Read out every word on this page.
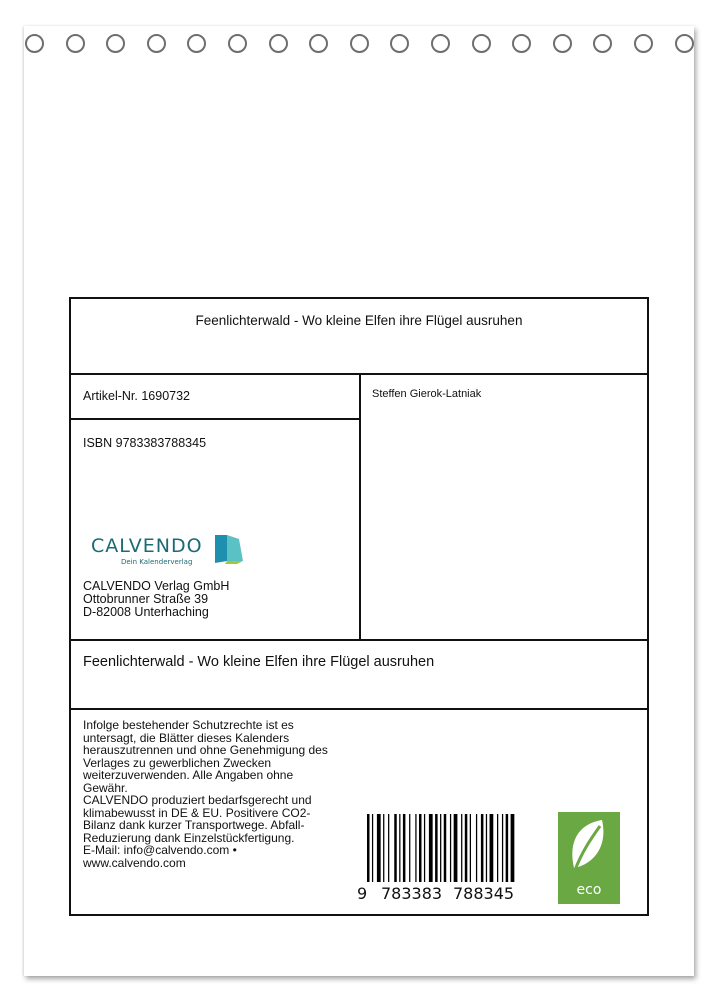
Feenlichterwald - Wo kleine Elfen ihre Flügel ausruhen
Artikel-Nr. 1690732
ISBN 9783383788345
CALVENDO
Dein Kalenderverlag
CALVENDO Verlag GmbH
Ottobrunner Straße 39
D-82008 Unterhaching
Steffen Gierok-Latniak
Feenlichterwald - Wo kleine Elfen ihre Flügel ausruhen
Infolge bestehender Schutzrechte ist es
untersagt, die Blätter dieses Kalenders
herauszutrennen und ohne Genehmigung des
Verlages zu gewerblichen Zwecken
weiterzuverwenden. Alle Angaben ohne
Gewähr.
CALVENDO produziert bedarfsgerecht und
klimabewusst in DE & EU. Positivere CO2-
Bilanz dank kurzer Transportwege. Abfall-
Reduzierung dank Einzelstückfertigung.
E-Mail: info@calvendo.com •
www.calvendo.com
9 783383 788345	eco
